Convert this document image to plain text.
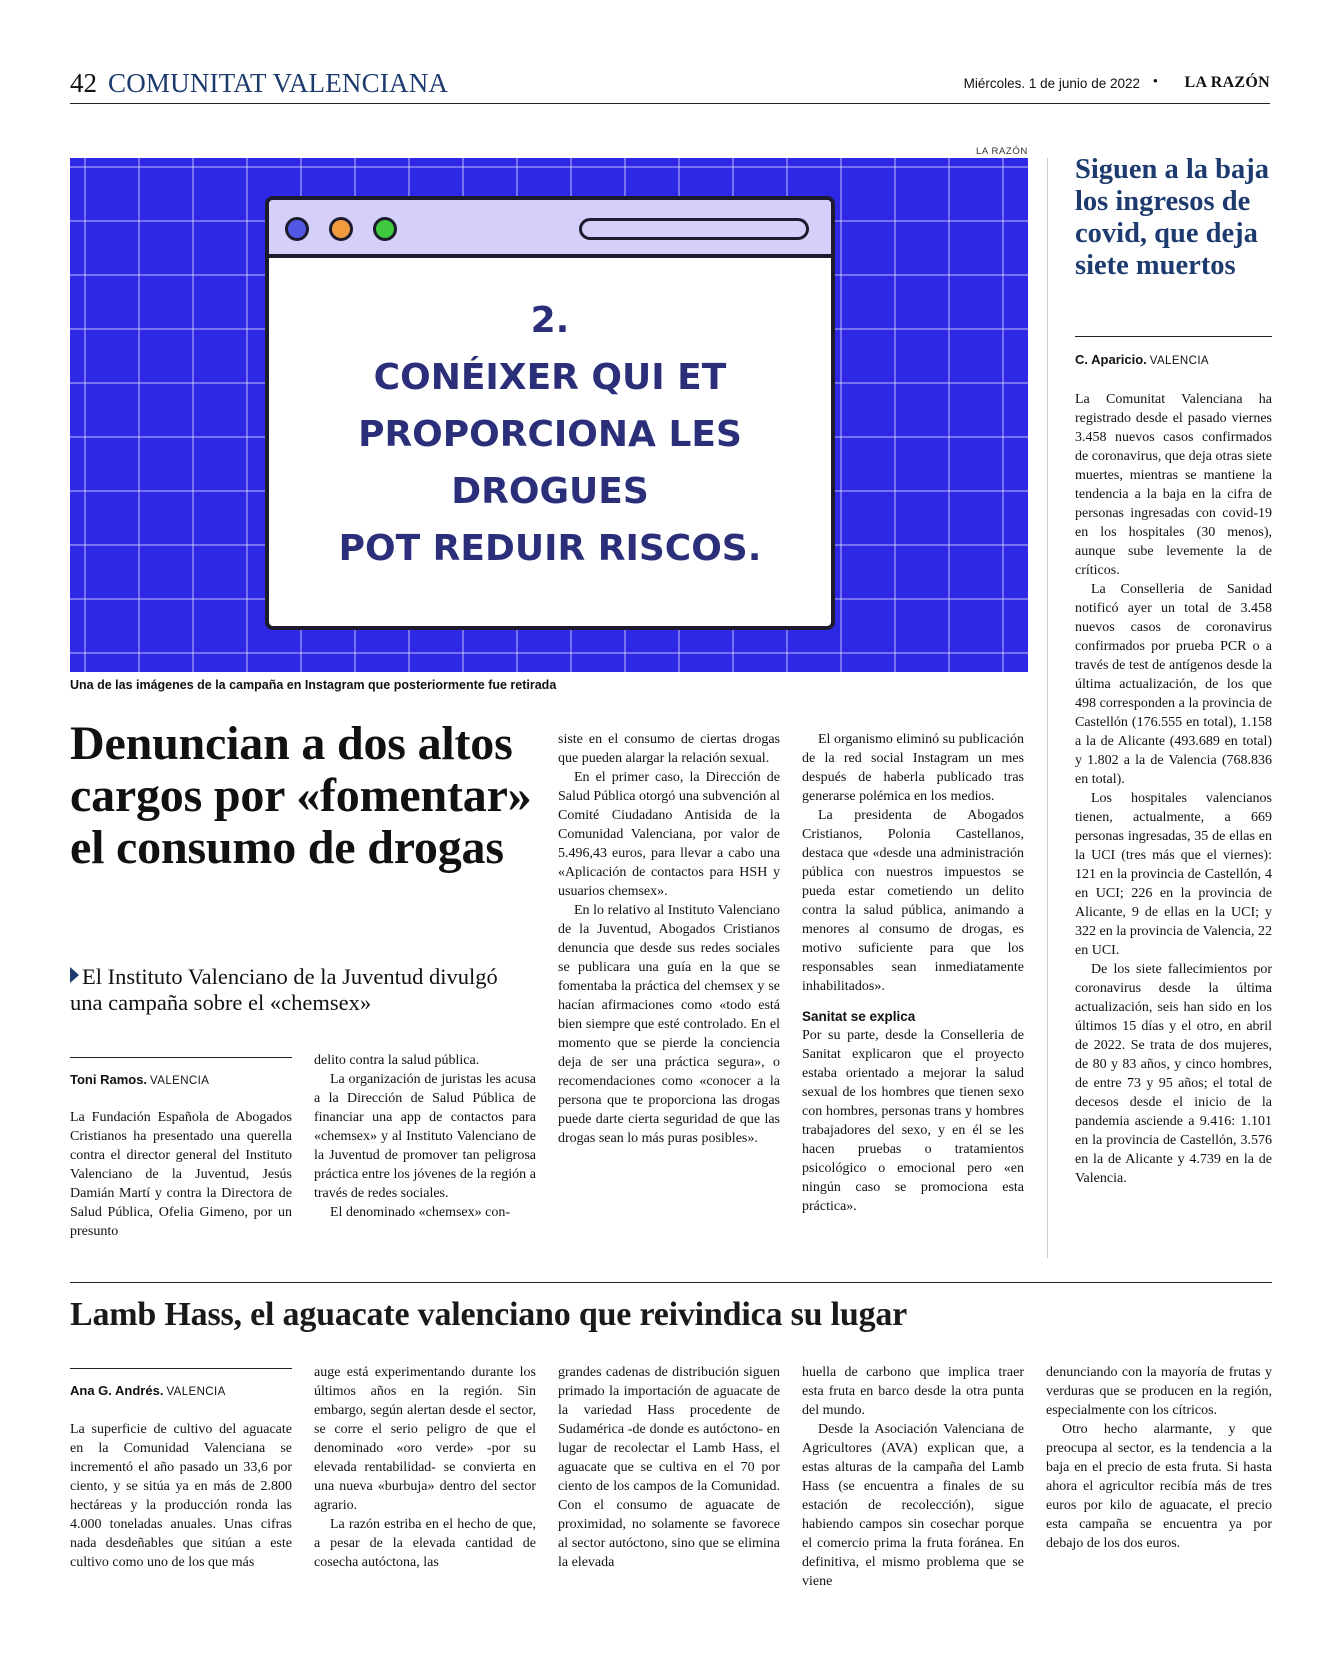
42 COMUNITAT VALENCIANA	Miércoles. 1 de junio de 2022 • LA RAZÓN
LA RAZÓN
2.
CONÉIXER QUI ET
PROPORCIONA LES
DROGUES
POT REDUIR RISCOS.
Una de las imágenes de la campaña en Instagram que posteriormente fue retirada
Denuncian a dos altos cargos por «fomentar» el consumo de drogas
El Instituto Valenciano de la Juventud divulgó una campaña sobre el «chemsex»
Toni Ramos. VALENCIA

La Fundación Española de Abogados Cristianos ha presentado una querella contra el director general del Instituto Valenciano de la Juventud, Jesús Damián Martí y contra la Directora de Salud Pública, Ofelia Gimeno, por un presunto

delito contra la salud pública.

La organización de juristas les acusa a la Dirección de Salud Pública de financiar una app de contactos para «chemsex» y al Instituto Valenciano de la Juventud de promover tan peligrosa práctica entre los jóvenes de la región a través de redes sociales.

El denominado «chemsex» con-

siste en el consumo de ciertas drogas que pueden alargar la relación sexual.

En el primer caso, la Dirección de Salud Pública otorgó una subvención al Comité Ciudadano Antisida de la Comunidad Valenciana, por valor de 5.496,43 euros, para llevar a cabo una «Aplicación de contactos para HSH y usuarios chemsex».

En lo relativo al Instituto Valenciano de la Juventud, Abogados Cristianos denuncia que desde sus redes sociales se publicara una guía en la que se fomentaba la práctica del chemsex y se hacían afirmaciones como «todo está bien siempre que esté controlado. En el momento que se pierde la conciencia deja de ser una práctica segura», o recomendaciones como «conocer a la persona que te proporciona las drogas puede darte cierta seguridad de que las drogas sean lo más puras posibles».

El organismo eliminó su publicación de la red social Instagram un mes después de haberla publicado tras generarse polémica en los medios.

La presidenta de Abogados Cristianos, Polonia Castellanos, destaca que «desde una administración pública con nuestros impuestos se pueda estar cometiendo un delito contra la salud pública, animando a menores al consumo de drogas, es motivo suficiente para que los responsables sean inmediatamente inhabilitados».

Sanitat se explica

Por su parte, desde la Conselleria de Sanitat explicaron que el proyecto estaba orientado a mejorar la salud sexual de los hombres que tienen sexo con hombres, personas trans y hombres trabajadores del sexo, y en él se les hacen pruebas o tratamientos psicológico o emocional pero «en ningún caso se promociona esta práctica».

Siguen a la baja los ingresos de covid, que deja siete muertos
C. Aparicio. VALENCIA

La Comunitat Valenciana ha registrado desde el pasado viernes 3.458 nuevos casos confirmados de coronavirus, que deja otras siete muertes, mientras se mantiene la tendencia a la baja en la cifra de personas ingresadas con covid-19 en los hospitales (30 menos), aunque sube levemente la de críticos.

La Conselleria de Sanidad notificó ayer un total de 3.458 nuevos casos de coronavirus confirmados por prueba PCR o a través de test de antígenos desde la última actualización, de los que 498 corresponden a la provincia de Castellón (176.555 en total), 1.158 a la de Alicante (493.689 en total) y 1.802 a la de Valencia (768.836 en total).

Los hospitales valencianos tienen, actualmente, a 669 personas ingresadas, 35 de ellas en la UCI (tres más que el viernes): 121 en la provincia de Castellón, 4 en UCI; 226 en la provincia de Alicante, 9 de ellas en la UCI; y 322 en la provincia de Valencia, 22 en UCI.

De los siete fallecimientos por coronavirus desde la última actualización, seis han sido en los últimos 15 días y el otro, en abril de 2022. Se trata de dos mujeres, de 80 y 83 años, y cinco hombres, de entre 73 y 95 años; el total de decesos desde el inicio de la pandemia asciende a 9.416: 1.101 en la provincia de Castellón, 3.576 en la de Alicante y 4.739 en la de Valencia.

Lamb Hass, el aguacate valenciano que reivindica su lugar
Ana G. Andrés. VALENCIA

La superficie de cultivo del aguacate en la Comunidad Valenciana se incrementó el año pasado un 33,6 por ciento, y se sitúa ya en más de 2.800 hectáreas y la producción ronda las 4.000 toneladas anuales. Unas cifras nada desdeñables que sitúan a este cultivo como uno de los que más

auge está experimentando durante los últimos años en la región. Sin embargo, según alertan desde el sector, se corre el serio peligro de que el denominado «oro verde» -por su elevada rentabilidad- se convierta en una nueva «burbuja» dentro del sector agrario.

La razón estriba en el hecho de que, a pesar de la elevada cantidad de cosecha autóctona, las

grandes cadenas de distribución siguen primado la importación de aguacate de la variedad Hass procedente de Sudamérica -de donde es autóctono- en lugar de recolectar el Lamb Hass, el aguacate que se cultiva en el 70 por ciento de los campos de la Comunidad. Con el consumo de aguacate de proximidad, no solamente se favorece al sector autóctono, sino que se elimina la elevada

huella de carbono que implica traer esta fruta en barco desde la otra punta del mundo.

Desde la Asociación Valenciana de Agricultores (AVA) explican que, a estas alturas de la campaña del Lamb Hass (se encuentra a finales de su estación de recolección), sigue habiendo campos sin cosechar porque el comercio prima la fruta foránea. En definitiva, el mismo problema que se viene

denunciando con la mayoría de frutas y verduras que se producen en la región, especialmente con los cítricos.

Otro hecho alarmante, y que preocupa al sector, es la tendencia a la baja en el precio de esta fruta. Si hasta ahora el agricultor recibía más de tres euros por kilo de aguacate, el precio esta campaña se encuentra ya por debajo de los dos euros.
